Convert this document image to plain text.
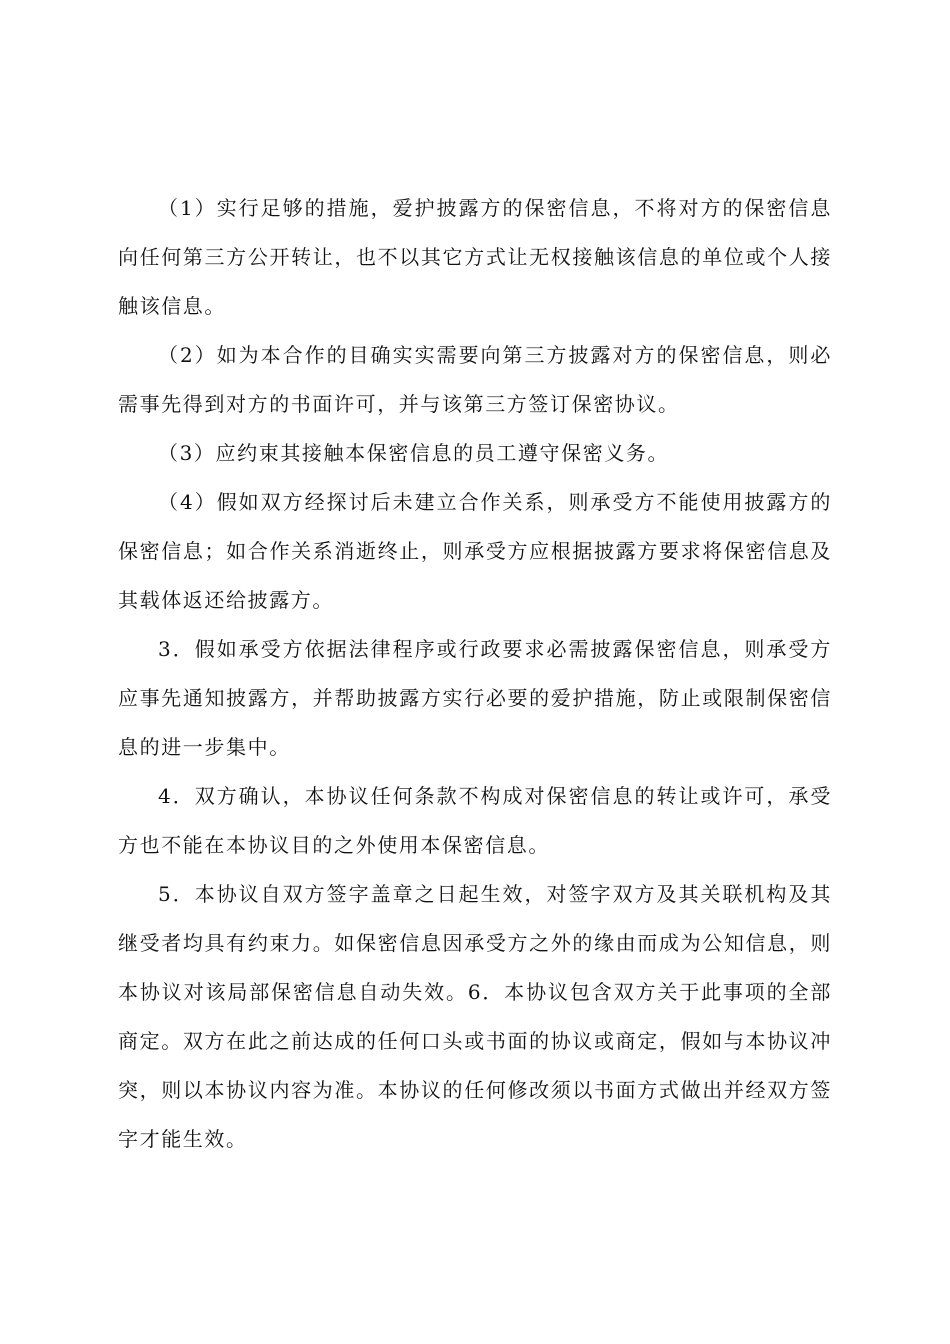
（1）实行足够的措施，爱护披露方的保密信息，不将对方的保密信息向任何第三方公开转让，也不以其它方式让无权接触该信息的单位或个人接触该信息。

（2）如为本合作的目确实实需要向第三方披露对方的保密信息，则必需事先得到对方的书面许可，并与该第三方签订保密协议。

（3）应约束其接触本保密信息的员工遵守保密义务。

（4）假如双方经探讨后未建立合作关系，则承受方不能使用披露方的保密信息；如合作关系消逝终止，则承受方应根据披露方要求将保密信息及其载体返还给披露方。

3．假如承受方依据法律程序或行政要求必需披露保密信息，则承受方应事先通知披露方，并帮助披露方实行必要的爱护措施，防止或限制保密信息的进一步集中。

4．双方确认，本协议任何条款不构成对保密信息的转让或许可，承受方也不能在本协议目的之外使用本保密信息。

5．本协议自双方签字盖章之日起生效，对签字双方及其关联机构及其继受者均具有约束力。如保密信息因承受方之外的缘由而成为公知信息，则本协议对该局部保密信息自动失效。6．本协议包含双方关于此事项的全部商定。双方在此之前达成的任何口头或书面的协议或商定，假如与本协议冲突，则以本协议内容为准。本协议的任何修改须以书面方式做出并经双方签字才能生效。
